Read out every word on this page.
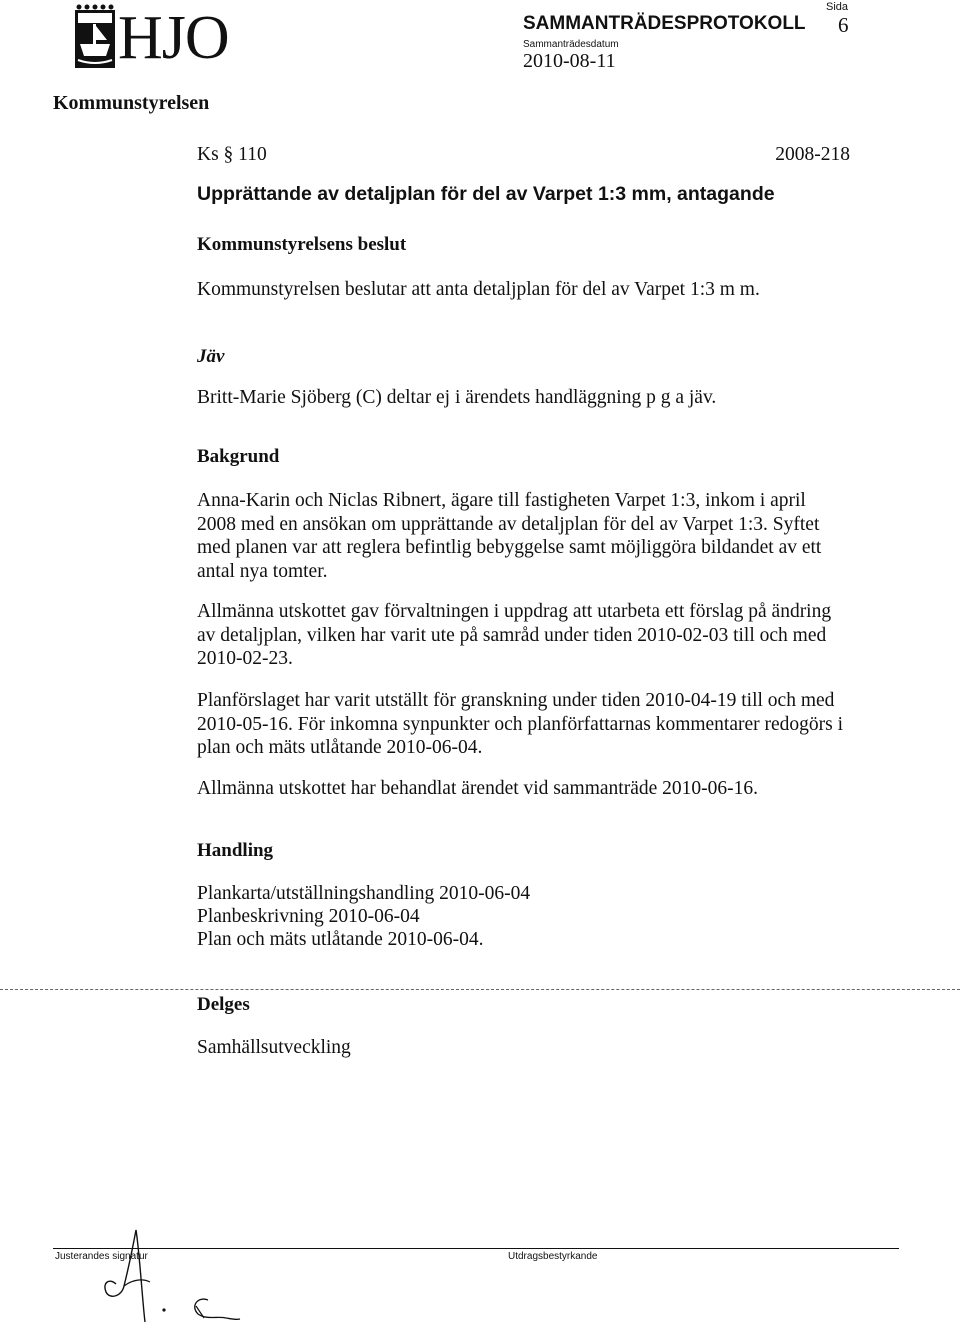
HJO	SAMMANTRÄDESPROTOKOLL
Sammanträdesdatum
2010-08-11
Sida
6
Kommunstyrelsen
Ks § 110	2008-218
Upprättande av detaljplan för del av Varpet 1:3 mm, antagande
Kommunstyrelsens beslut
Kommunstyrelsen beslutar att anta detaljplan för del av Varpet 1:3 m m.
Jäv
Britt-Marie Sjöberg (C) deltar ej i ärendets handläggning p g a jäv.
Bakgrund
Anna-Karin och Niclas Ribnert, ägare till fastigheten Varpet 1:3, inkom i april 2008 med en ansökan om upprättande av detaljplan för del av Varpet 1:3. Syftet med planen var att reglera befintlig bebyggelse samt möjliggöra bildandet av ett antal nya tomter.
Allmänna utskottet gav förvaltningen i uppdrag att utarbeta ett förslag på ändring av detaljplan, vilken har varit ute på samråd under tiden 2010-02-03 till och med 2010-02-23.
Planförslaget har varit utställt för granskning under tiden 2010-04-19 till och med 2010-05-16. För inkomna synpunkter och planförfattarnas kommentarer redogörs i plan och mäts utlåtande 2010-06-04.
Allmänna utskottet har behandlat ärendet vid sammanträde 2010-06-16.
Handling
Plankarta/utställningshandling 2010-06-04
Planbeskrivning 2010-06-04
Plan och mäts utlåtande 2010-06-04.
Delges
Samhällsutveckling
Justerandes signatur	Utdragsbestyrkande
